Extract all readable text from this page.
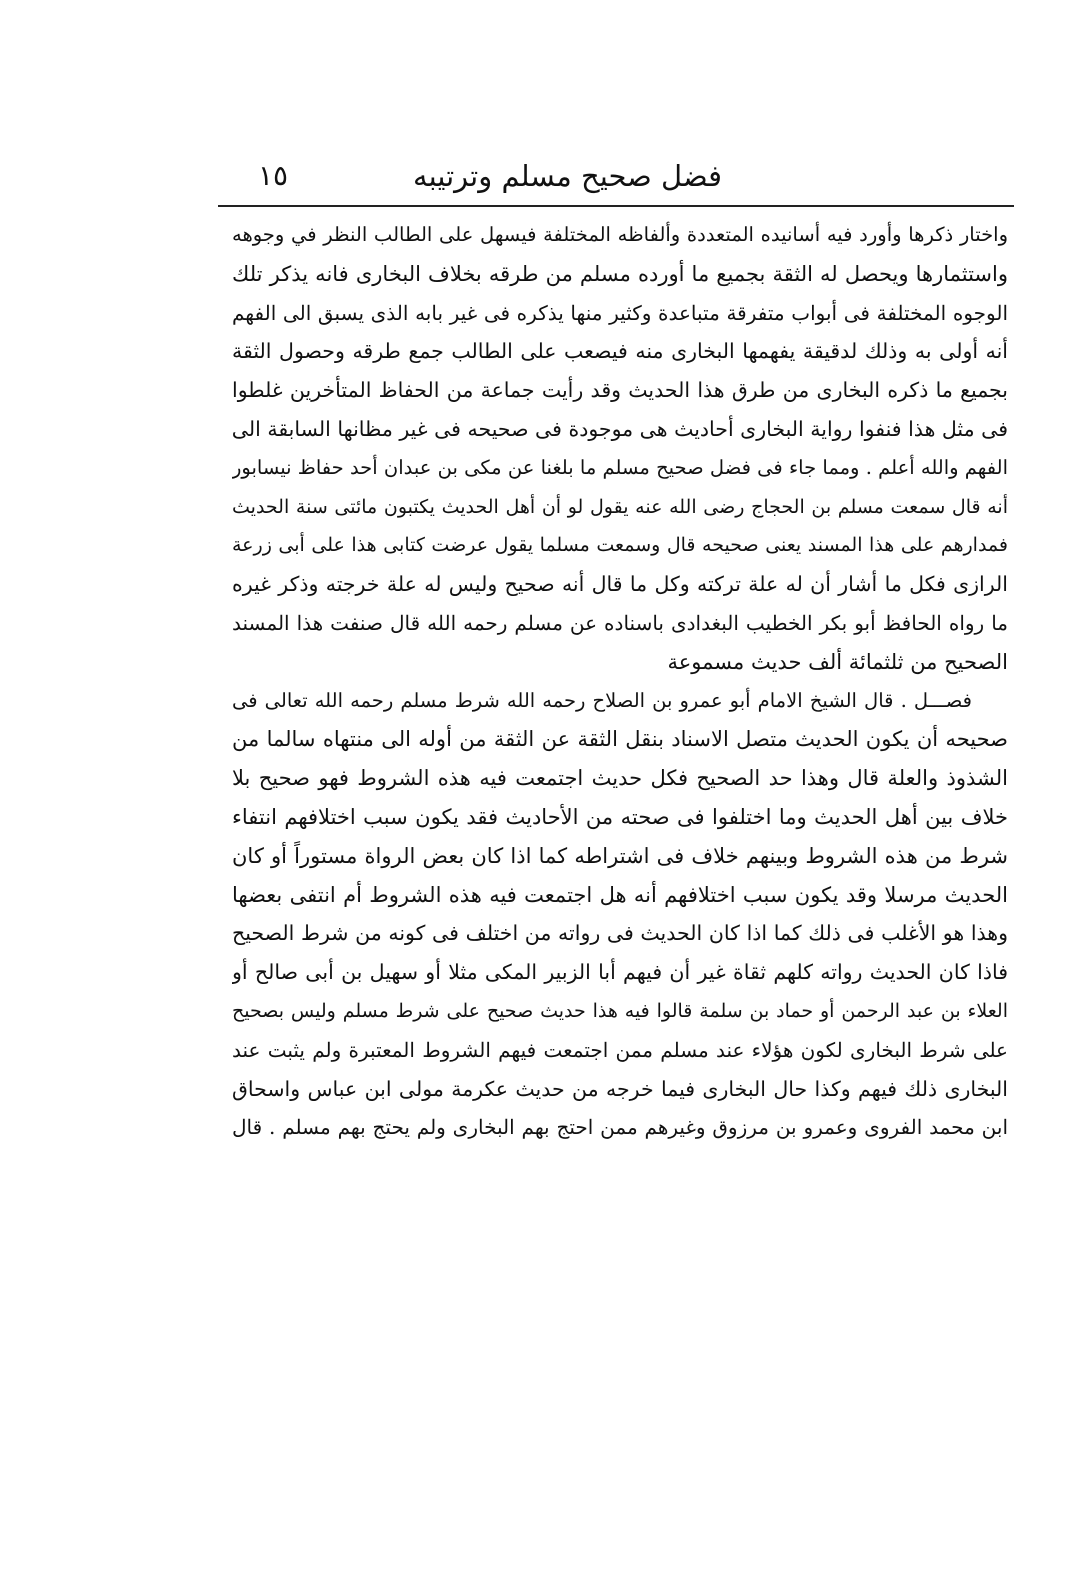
فضل صحيح مسلم وترتيبه
١٥
واختار ذكرها وأورد فيه أسانيده المتعددة وألفاظه المختلفة فيسهل على الطالب النظر في وجوهه
واستثمارها ويحصل له الثقة بجميع ما أورده مسلم من طرقه بخلاف البخارى فانه يذكر تلك
الوجوه المختلفة فى أبواب متفرقة متباعدة وكثير منها يذكره فى غير بابه الذى يسبق الى الفهم
أنه أولى به وذلك لدقيقة يفهمها البخارى منه فيصعب على الطالب جمع طرقه وحصول الثقة
بجميع ما ذكره البخارى من طرق هذا الحديث وقد رأيت جماعة من الحفاظ المتأخرين غلطوا
فى مثل هذا فنفوا رواية البخارى أحاديث هى موجودة فى صحيحه فى غير مظانها السابقة الى
الفهم والله أعلم . ومما جاء فى فضل صحيح مسلم ما بلغنا عن مكى بن عبدان أحد حفاظ نيسابور
أنه قال سمعت مسلم بن الحجاج رضى الله عنه يقول لو أن أهل الحديث يكتبون مائتى سنة الحديث
فمدارهم على هذا المسند يعنى صحيحه قال وسمعت مسلما يقول عرضت كتابى هذا على أبى زرعة
الرازى فكل ما أشار أن له علة تركته وكل ما قال أنه صحيح وليس له علة خرجته وذكر غيره
ما رواه الحافظ أبو بكر الخطيب البغدادى باسناده عن مسلم رحمه الله قال صنفت هذا المسند
الصحيح من ثلثمائة ألف حديث مسموعة
فصـــل . قال الشيخ الامام أبو عمرو بن الصلاح رحمه الله شرط مسلم رحمه الله تعالى فى
صحيحه أن يكون الحديث متصل الاسناد بنقل الثقة عن الثقة من أوله الى منتهاه سالما من
الشذوذ والعلة قال وهذا حد الصحيح فكل حديث اجتمعت فيه هذه الشروط فهو صحيح بلا
خلاف بين أهل الحديث وما اختلفوا فى صحته من الأحاديث فقد يكون سبب اختلافهم انتفاء
شرط من هذه الشروط وبينهم خلاف فى اشتراطه كما اذا كان بعض الرواة مستوراً أو كان
الحديث مرسلا وقد يكون سبب اختلافهم أنه هل اجتمعت فيه هذه الشروط أم انتفى بعضها
وهذا هو الأغلب فى ذلك كما اذا كان الحديث فى رواته من اختلف فى كونه من شرط الصحيح
فاذا كان الحديث رواته كلهم ثقاة غير أن فيهم أبا الزبير المكى مثلا أو سهيل بن أبى صالح أو
العلاء بن عبد الرحمن أو حماد بن سلمة قالوا فيه هذا حديث صحيح على شرط مسلم وليس بصحيح
على شرط البخارى لكون هؤلاء عند مسلم ممن اجتمعت فيهم الشروط المعتبرة ولم يثبت عند
البخارى ذلك فيهم وكذا حال البخارى فيما خرجه من حديث عكرمة مولى ابن عباس واسحاق
ابن محمد الفروى وعمرو بن مرزوق وغيرهم ممن احتج بهم البخارى ولم يحتج بهم مسلم . قال
